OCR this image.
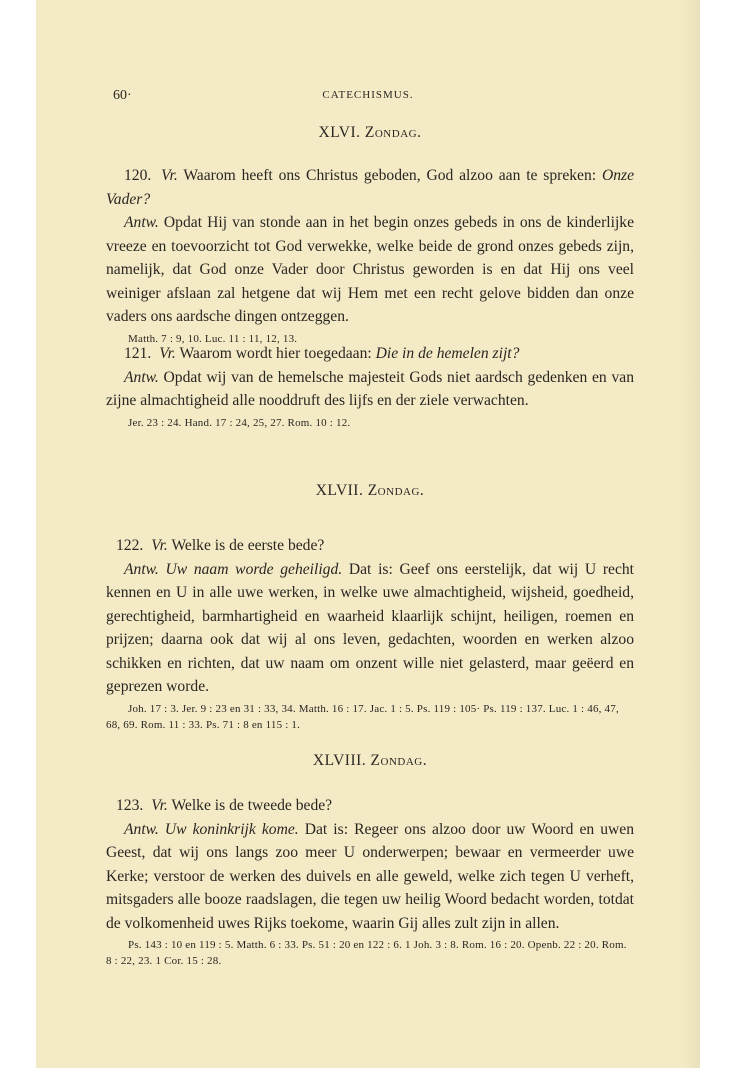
60·	CATECHISMUS.

XLVI. Zondag.

120. Vr. Waarom heeft ons Christus geboden, God alzoo aan te spreken: Onze Vader?

Antw. Opdat Hij van stonde aan in het begin onzes gebeds in ons de kinderlijke vreeze en toevoorzicht tot God verwekke, welke beide de grond onzes gebeds zijn, namelijk, dat God onze Vader door Christus geworden is en dat Hij ons veel weiniger afslaan zal hetgene dat wij Hem met een recht gelove bidden dan onze vaders ons aardsche dingen ontzeggen.

Matth. 7 : 9, 10. Luc. 11 : 11, 12, 13.

121. Vr. Waarom wordt hier toegedaan: Die in de hemelen zijt?

Antw. Opdat wij van de hemelsche majesteit Gods niet aardsch gedenken en van zijne almachtigheid alle nooddruft des lijfs en der ziele verwachten.

Jer. 23 : 24. Hand. 17 : 24, 25, 27. Rom. 10 : 12.

XLVII. Zondag.

122. Vr. Welke is de eerste bede?

Antw. Uw naam worde geheiligd. Dat is: Geef ons eerstelijk, dat wij U recht kennen en U in alle uwe werken, in welke uwe almachtigheid, wijsheid, goedheid, gerechtigheid, barmhartigheid en waarheid klaarlijk schijnt, heiligen, roemen en prijzen; daarna ook dat wij al ons leven, gedachten, woorden en werken alzoo schikken en richten, dat uw naam om onzent wille niet gelasterd, maar geëerd en geprezen worde.

Joh. 17 : 3. Jer. 9 : 23 en 31 : 33, 34. Matth. 16 : 17. Jac. 1 : 5. Ps. 119 : 105· Ps. 119 : 137. Luc. 1 : 46, 47, 68, 69. Rom. 11 : 33. Ps. 71 : 8 en 115 : 1.

XLVIII. Zondag.

123. Vr. Welke is de tweede bede?

Antw. Uw koninkrijk kome. Dat is: Regeer ons alzoo door uw Woord en uwen Geest, dat wij ons langs zoo meer U onderwerpen; bewaar en vermeerder uwe Kerke; verstoor de werken des duivels en alle geweld, welke zich tegen U verheft, mitsgaders alle booze raadslagen, die tegen uw heilig Woord bedacht worden, totdat de volkomenheid uwes Rijks toekome, waarin Gij alles zult zijn in allen.

Ps. 143 : 10 en 119 : 5. Matth. 6 : 33. Ps. 51 : 20 en 122 : 6. 1 Joh. 3 : 8. Rom. 16 : 20. Openb. 22 : 20. Rom. 8 : 22, 23. 1 Cor. 15 : 28.
